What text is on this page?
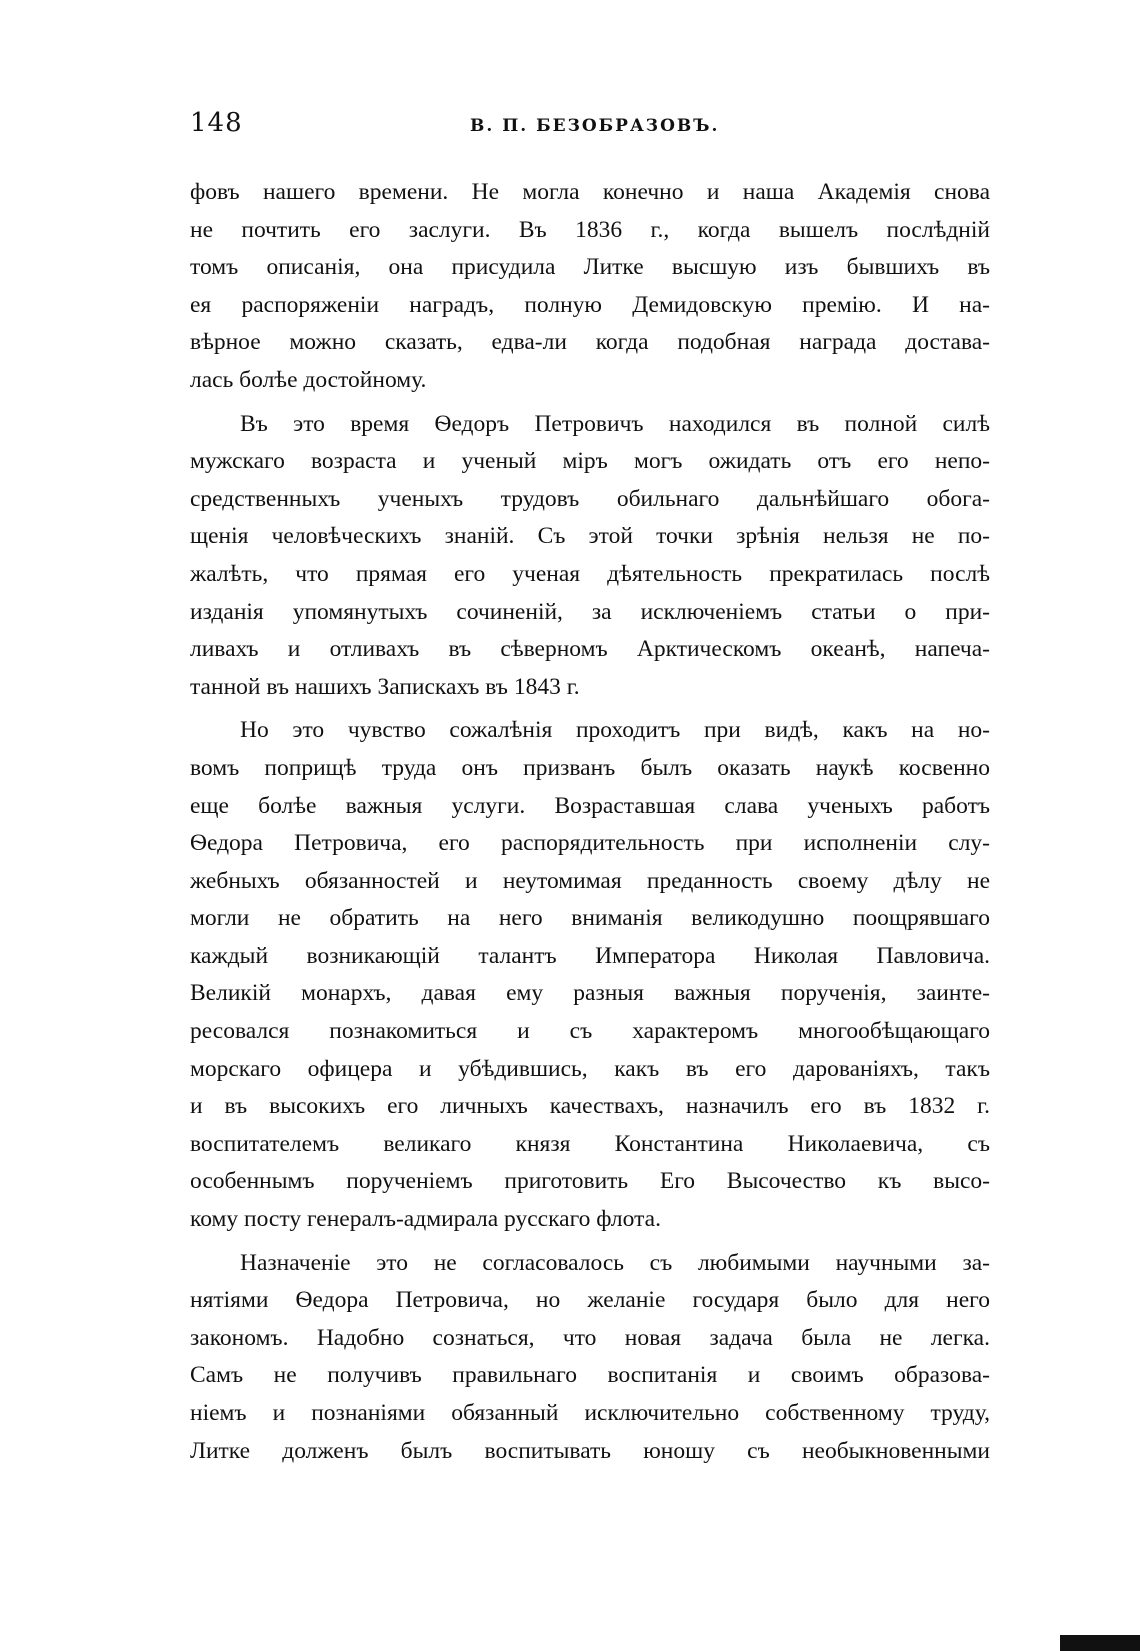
148	В. П. БЕЗОБРАЗОВЪ.
фовъ нашего времени. Не могла конечно и наша Академія снова
не почтить его заслуги. Въ 1836 г., когда вышелъ послѣдній
томъ описанія, она присудила Литке высшую изъ бывшихъ въ
ея распоряженіи наградъ, полную Демидовскую премію. И на-
вѣрное можно сказать, едва-ли когда подобная награда достава-
лась болѣе достойному.
Въ это время Ѳедоръ Петровичъ находился въ полной силѣ
мужскаго возраста и ученый міръ могъ ожидать отъ его непо-
средственныхъ ученыхъ трудовъ обильнаго дальнѣйшаго обога-
щенія человѣческихъ знаній. Съ этой точки зрѣнія нельзя не по-
жалѣть, что прямая его ученая дѣятельность прекратилась послѣ
изданія упомянутыхъ сочиненій, за исключеніемъ статьи о при-
ливахъ и отливахъ въ сѣверномъ Арктическомъ океанѣ, напеча-
танной въ нашихъ Запискахъ въ 1843 г.
Но это чувство сожалѣнія проходитъ при видѣ, какъ на но-
вомъ поприщѣ труда онъ призванъ былъ оказать наукѣ косвенно
еще болѣе важныя услуги. Возраставшая слава ученыхъ работъ
Ѳедора Петровича, его распорядительность при исполненіи слу-
жебныхъ обязанностей и неутомимая преданность своему дѣлу не
могли не обратить на него вниманія великодушно поощрявшаго
каждый возникающій талантъ Императора Николая Павловича.
Великій монархъ, давая ему разныя важныя порученія, заинте-
ресовался познакомиться и съ характеромъ многообѣщающаго
морскаго офицера и убѣдившись, какъ въ его дарованіяхъ, такъ
и въ высокихъ его личныхъ качествахъ, назначилъ его въ 1832 г.
воспитателемъ великаго князя Константина Николаевича, съ
особеннымъ порученіемъ приготовить Его Высочество къ высо-
кому посту генералъ-адмирала русскаго флота.
Назначеніе это не согласовалось съ любимыми научными за-
нятіями Ѳедора Петровича, но желаніе государя было для него
закономъ. Надобно сознаться, что новая задача была не легка.
Самъ не получивъ правильнаго воспитанія и своимъ образова-
ніемъ и познаніями обязанный исключительно собственному труду,
Литке долженъ былъ воспитывать юношу съ необыкновенными
